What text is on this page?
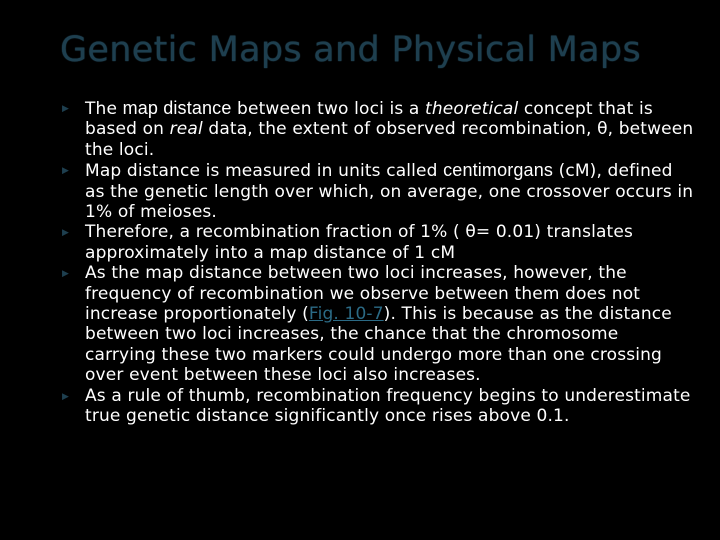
Genetic Maps and Physical Maps
▶ The map distance between two loci is a theoretical concept that is based on real data, the extent of observed recombination, θ, between the loci.
▶ Map distance is measured in units called centimorgans (cM), defined as the genetic length over which, on average, one crossover occurs in 1% of meioses.
▶ Therefore, a recombination fraction of 1% ( θ= 0.01) translates approximately into a map distance of 1 cM
▶ As the map distance between two loci increases, however, the frequency of recombination we observe between them does not increase proportionately (Fig. 10-7). This is because as the distance between two loci increases, the chance that the chromosome carrying these two markers could undergo more than one crossing over event between these loci also increases.
▶ As a rule of thumb, recombination frequency begins to underestimate true genetic distance significantly once rises above 0.1.
